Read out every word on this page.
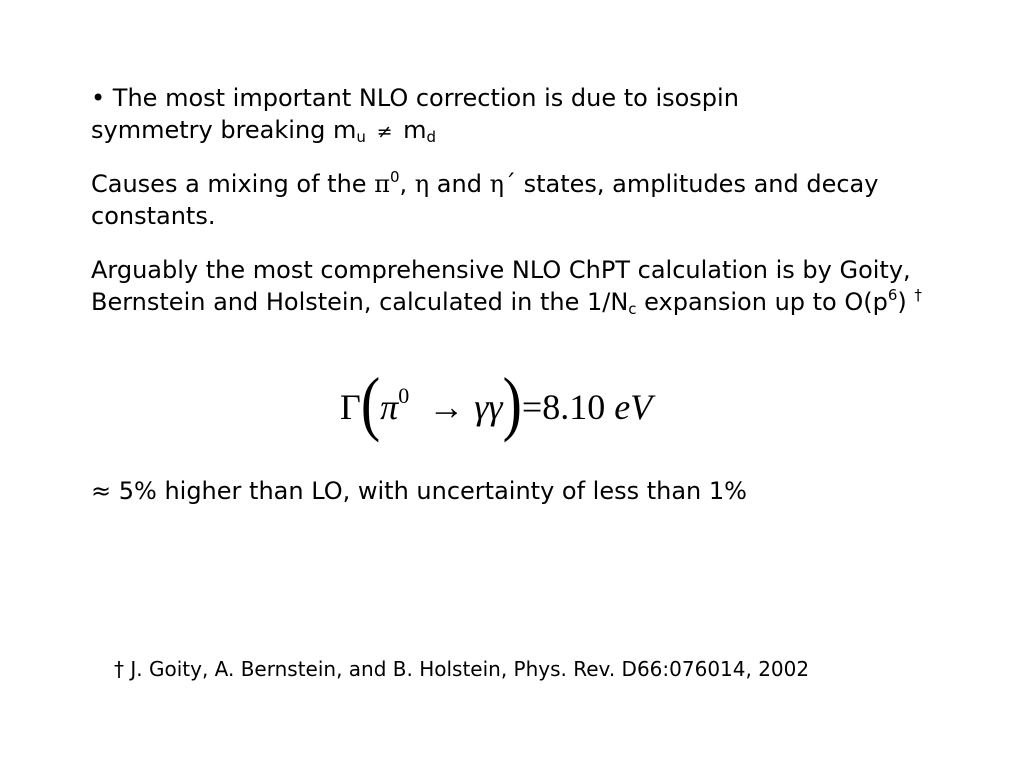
• The most important NLO correction is due to isospin
symmetry breaking $m_u \ne m_d$
Causes a mixing of the $\pi^0$, η and η´ states, amplitudes and decay constants.
Arguably the most comprehensive NLO ChPT calculation is by Goity, Bernstein and Holstein, calculated in the $1/N_c$ expansion up to $O(p^6)$ †
$\Gamma(\pi^0 \to \gamma\gamma)=8.10$ eV
≈ 5% higher than LO, with uncertainty of less than 1%
† J. Goity, A. Bernstein, and B. Holstein, Phys. Rev. D66:076014, 2002
